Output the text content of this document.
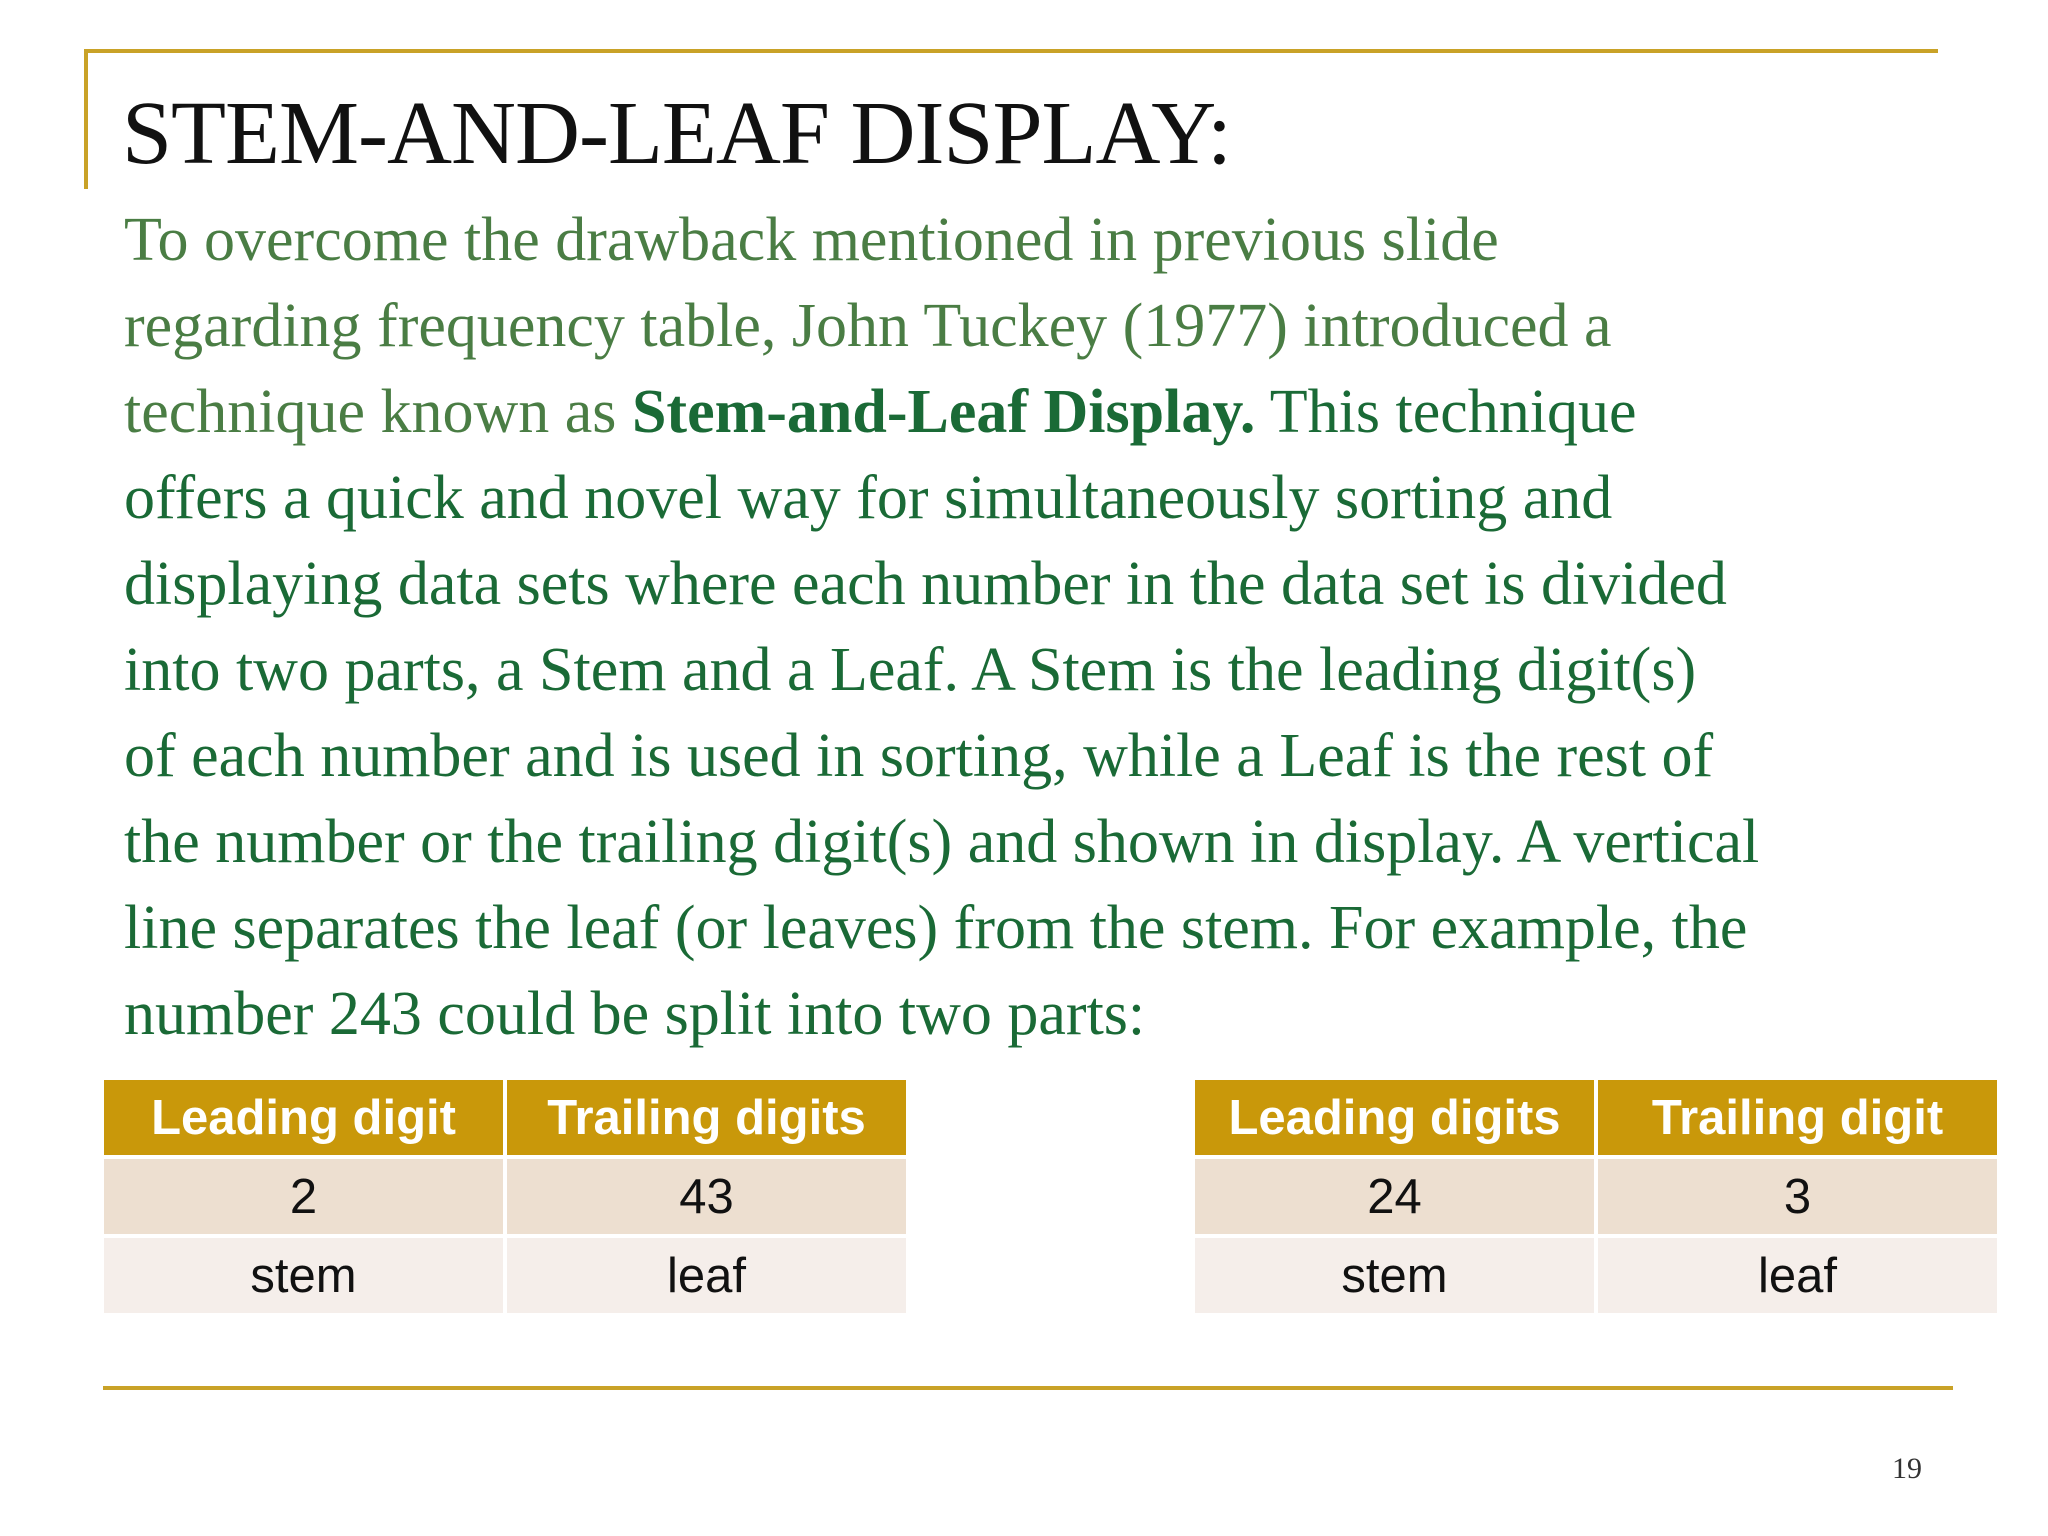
STEM-AND-LEAF DISPLAY:

To overcome the drawback mentioned in previous slide
regarding frequency table, John Tuckey (1977) introduced a
technique known as Stem-and-Leaf Display. This technique
offers a quick and novel way for simultaneously sorting and
displaying data sets where each number in the data set is divided
into two parts, a Stem and a Leaf. A Stem is the leading digit(s)
of each number and is used in sorting, while a Leaf is the rest of
the number or the trailing digit(s) and shown in display. A vertical
line separates the leaf (or leaves) from the stem. For example, the
number 243 could be split into two parts:

Leading digit	Trailing digits
2	43
stem	leaf
Leading digits	Trailing digit
24	3
stem	leaf
19
